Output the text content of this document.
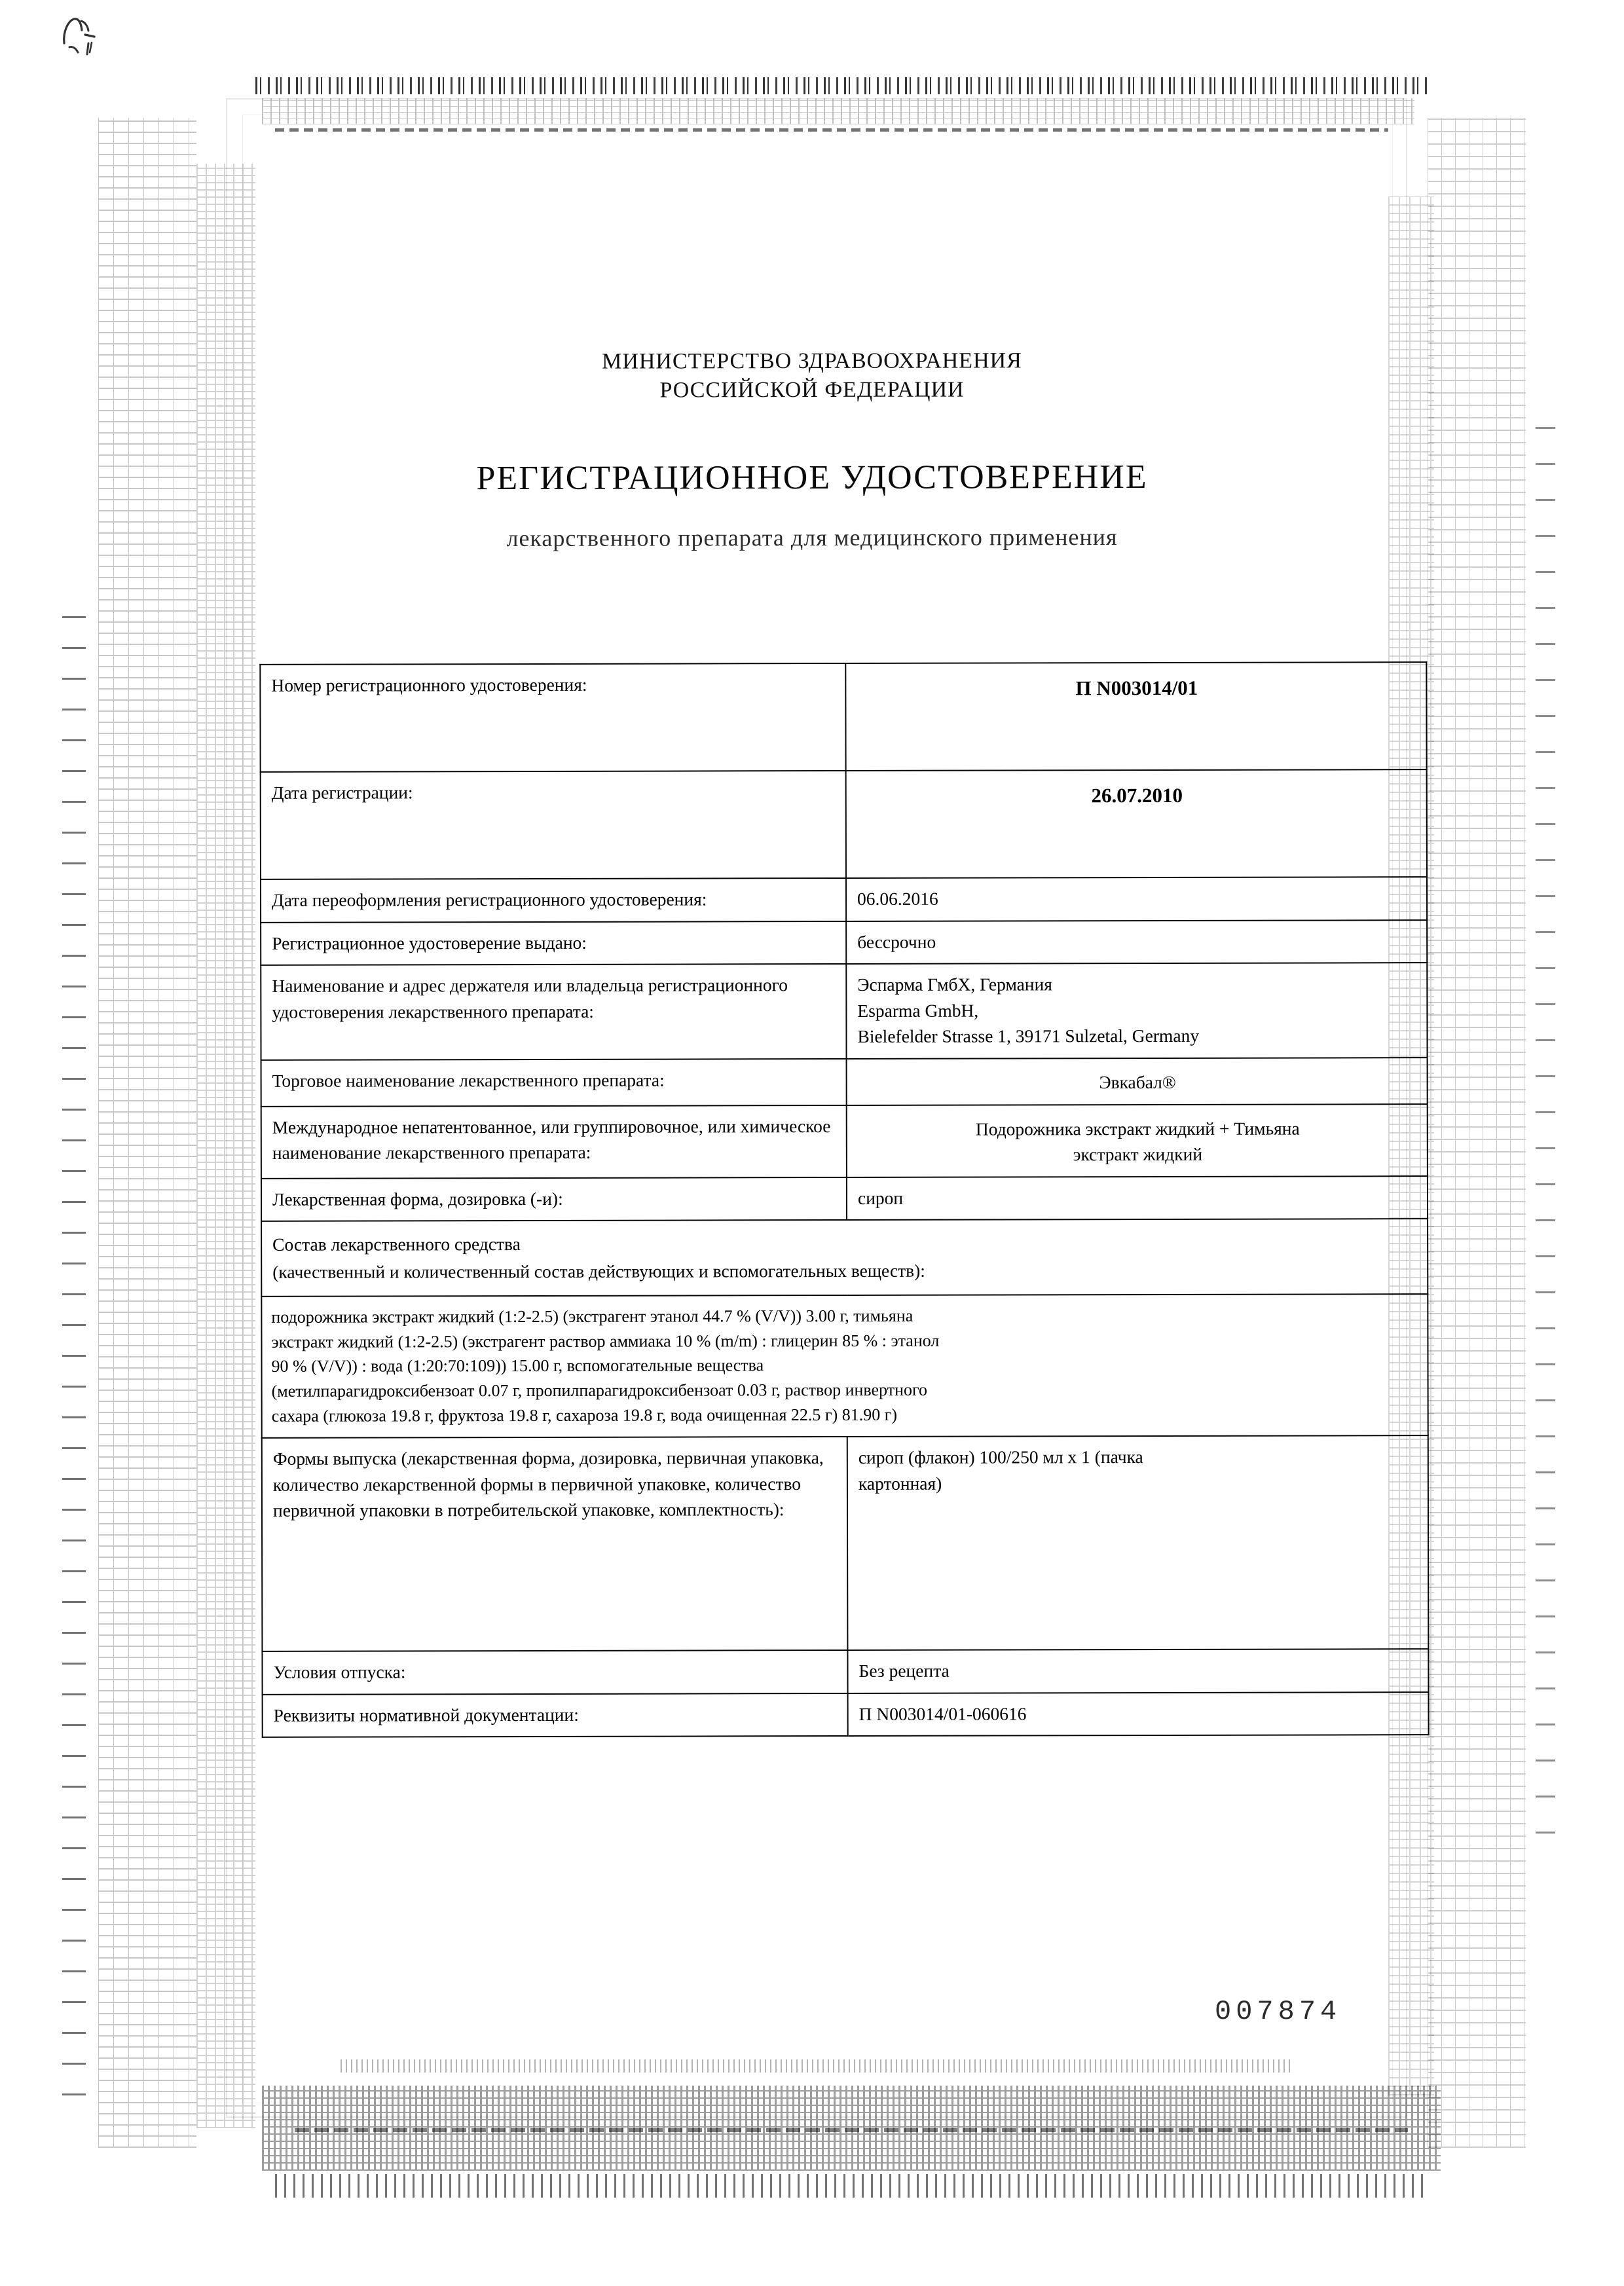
МИНИСТЕРСТВО ЗДРАВООХРАНЕНИЯ
РОССИЙСКОЙ ФЕДЕРАЦИИ
РЕГИСТРАЦИОННОЕ УДОСТОВЕРЕНИЕ
лекарственного препарата для медицинского применения
Номер регистрационного удостоверения:	П N003014/01
Дата регистрации:	26.07.2010
Дата переоформления регистрационного удостоверения:	06.06.2016
Регистрационное удостоверение выдано:	бессрочно
Наименование и адрес держателя или владельца регистрационного удостоверения лекарственного препарата:	Эспарма ГмбХ, Германия
Esparma GmbH,
Bielefelder Strasse 1, 39171 Sulzetal, Germany

Торговое наименование лекарственного препарата:	Эвкабал®
Международное непатентованное, или группировочное, или химическое наименование лекарственного препарата:	Подорожника экстракт жидкий + Тимьяна
экстракт жидкий

Лекарственная форма, дозировка (-и):	сироп

Состав лекарственного средства
(качественный и количественный состав действующих и вспомогательных веществ):	

подорожника экстракт жидкий (1:2-2.5) (экстрагент этанол 44.7 % (V/V)) 3.00 г, тимьяна
экстракт жидкий (1:2-2.5) (экстрагент раствор аммиака 10 % (m/m) : глицерин 85 % : этанол
90 % (V/V)) : вода (1:20:70:109)) 15.00 г, вспомогательные вещества
(метилпарагидроксибензоат 0.07 г, пропилпарагидроксибензоат 0.03 г, раствор инвертного
сахара (глюкоза 19.8 г, фруктоза 19.8 г, сахароза 19.8 г, вода очищенная 22.5 г) 81.90 г)	

Формы выпуска (лекарственная форма, дозировка, первичная упаковка, количество лекарственной формы в первичной упаковке, количество первичной упаковки в потребительской упаковке, комплектность):	сироп (флакон) 100/250 мл х 1 (пачка
картонная)

Условия отпуска:	Без рецепта
Реквизиты нормативной документации:	П N003014/01-060616
007874
